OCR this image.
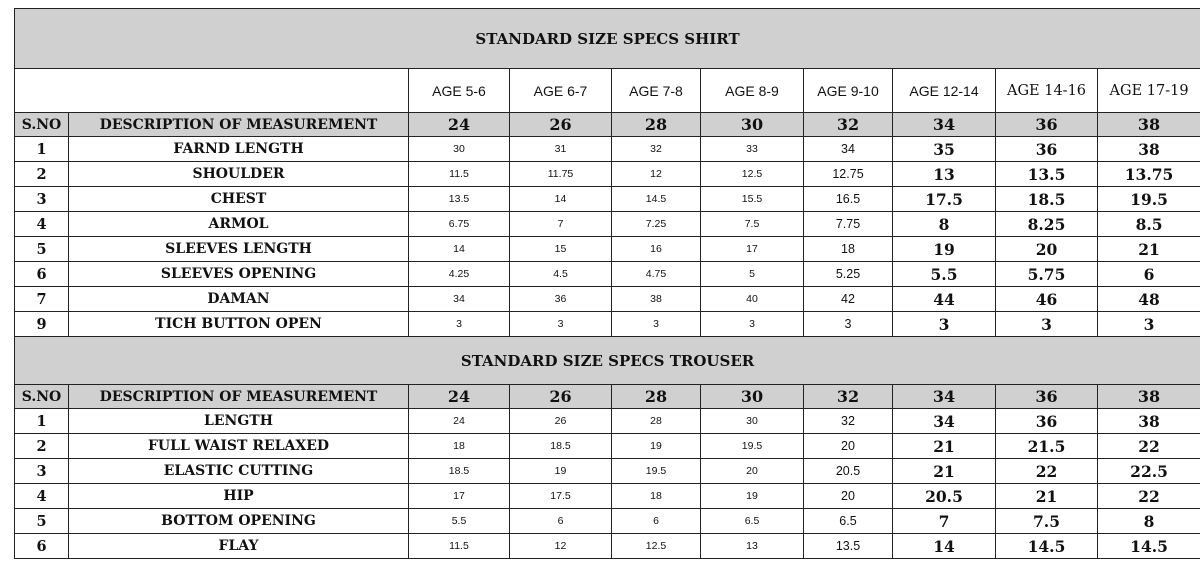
STANDARD SIZE SPECS SHIRT									
		AGE 5-6	AGE 6-7	AGE 7-8	AGE 8-9	AGE 9-10	AGE 12-14	AGE 14-16	AGE 17-19
S.NO	DESCRIPTION OF MEASUREMENT	24	26	28	30	32	34	36	38
1	FARND LENGTH	30	31	32	33	34	35	36	38
2	SHOULDER	11.5	11.75	12	12.5	12.75	13	13.5	13.75
3	CHEST	13.5	14	14.5	15.5	16.5	17.5	18.5	19.5
4	ARMOL	6.75	7	7.25	7.5	7.75	8	8.25	8.5
5	SLEEVES LENGTH	14	15	16	17	18	19	20	21
6	SLEEVES OPENING	4.25	4.5	4.75	5	5.25	5.5	5.75	6
7	DAMAN	34	36	38	40	42	44	46	48
9	TICH BUTTON OPEN	3	3	3	3	3	3	3	3
STANDARD SIZE SPECS TROUSER									
S.NO	DESCRIPTION OF MEASUREMENT	24	26	28	30	32	34	36	38
1	LENGTH	24	26	28	30	32	34	36	38
2	FULL WAIST RELAXED	18	18.5	19	19.5	20	21	21.5	22
3	ELASTIC CUTTING	18.5	19	19.5	20	20.5	21	22	22.5
4	HIP	17	17.5	18	19	20	20.5	21	22
5	BOTTOM OPENING	5.5	6	6	6.5	6.5	7	7.5	8
6	FLAY	11.5	12	12.5	13	13.5	14	14.5	14.5
